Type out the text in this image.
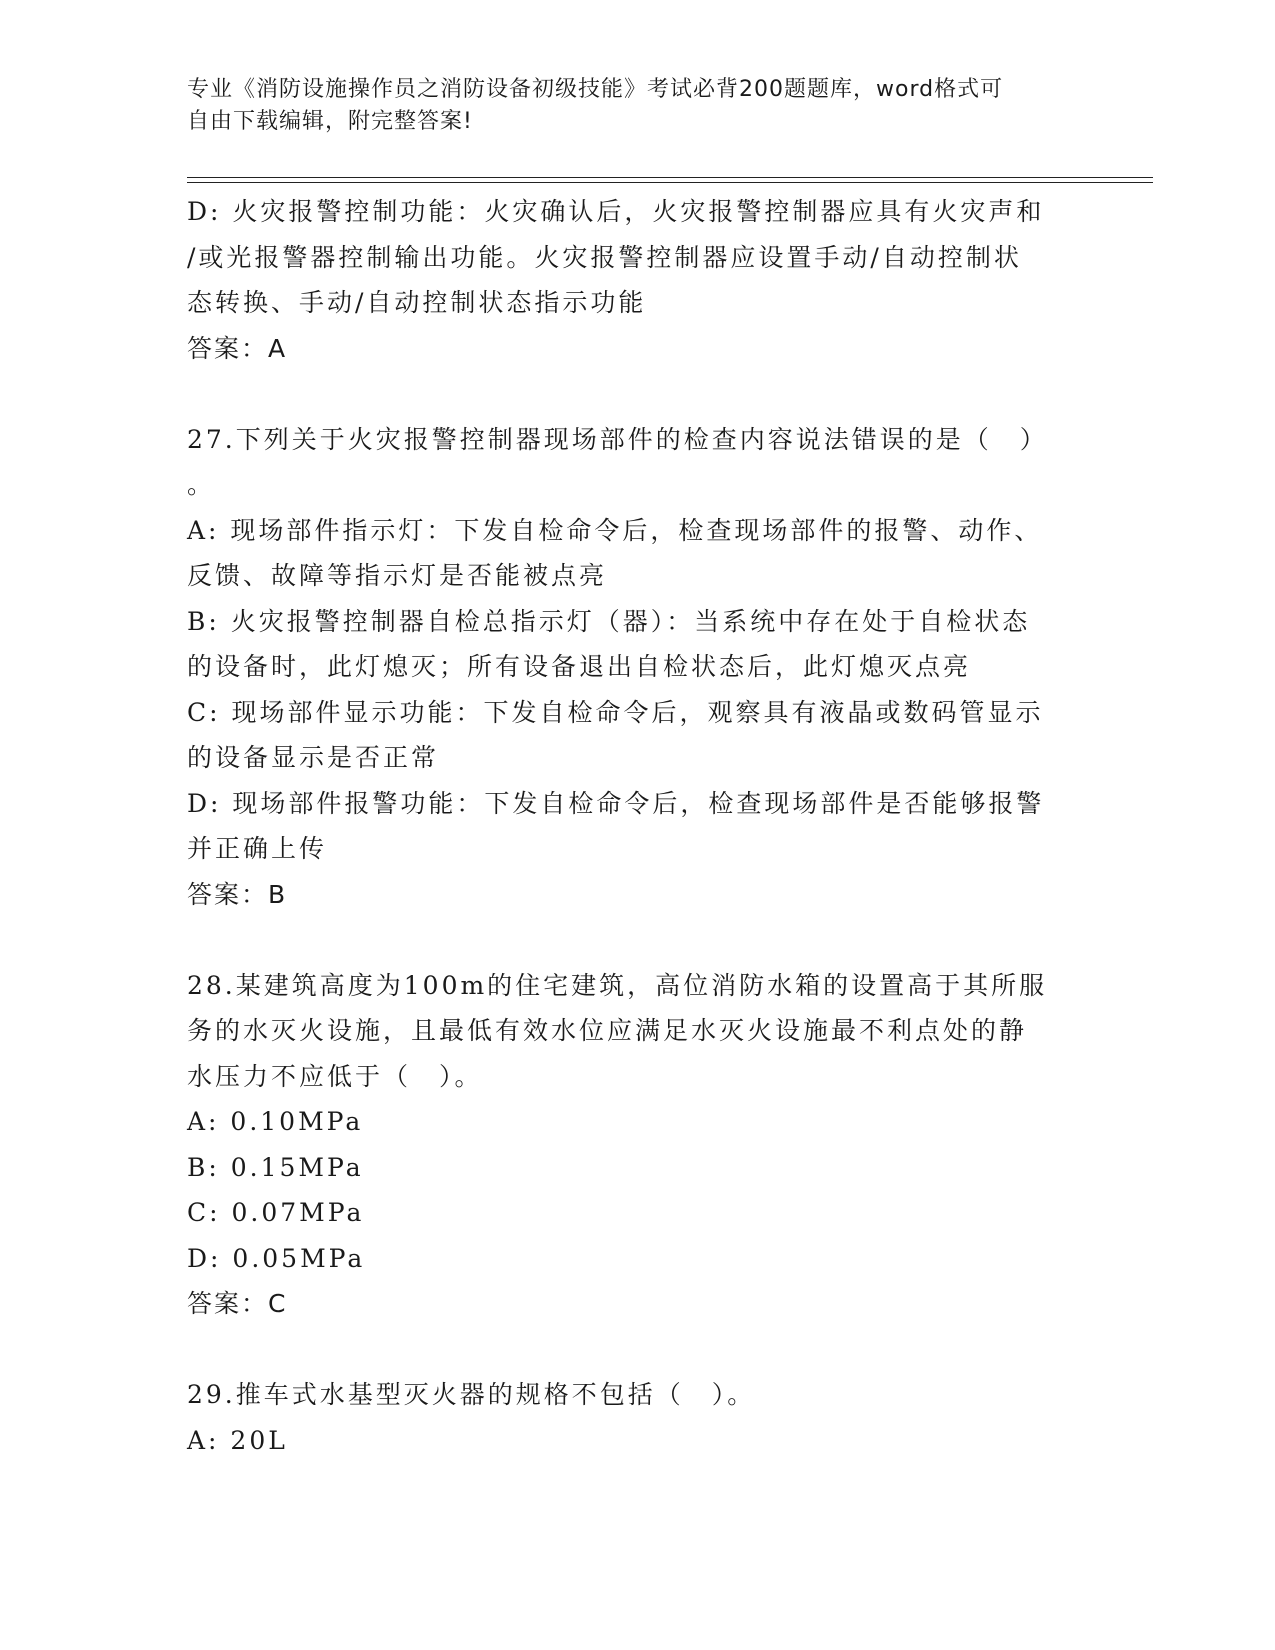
专业《消防设施操作员之消防设备初级技能》考试必背200题题库，word格式可
自由下载编辑，附完整答案!
D: 火灾报警控制功能：火灾确认后，火灾报警控制器应具有火灾声和
/或光报警器控制输出功能。火灾报警控制器应设置手动/自动控制状
态转换、手动/自动控制状态指示功能
答案：A
27.下列关于火灾报警控制器现场部件的检查内容说法错误的是（　）
。
A: 现场部件指示灯：下发自检命令后，检查现场部件的报警、动作、
反馈、故障等指示灯是否能被点亮
B: 火灾报警控制器自检总指示灯（器）：当系统中存在处于自检状态
的设备时，此灯熄灭；所有设备退出自检状态后，此灯熄灭点亮
C: 现场部件显示功能：下发自检命令后，观察具有液晶或数码管显示
的设备显示是否正常
D: 现场部件报警功能：下发自检命令后，检查现场部件是否能够报警
并正确上传
答案：B
28.某建筑高度为100m的住宅建筑，高位消防水箱的设置高于其所服
务的水灭火设施，且最低有效水位应满足水灭火设施最不利点处的静
水压力不应低于（　）。
A: 0.10MPa
B: 0.15MPa
C: 0.07MPa
D: 0.05MPa
答案：C
29.推车式水基型灭火器的规格不包括（　）。
A: 20L
